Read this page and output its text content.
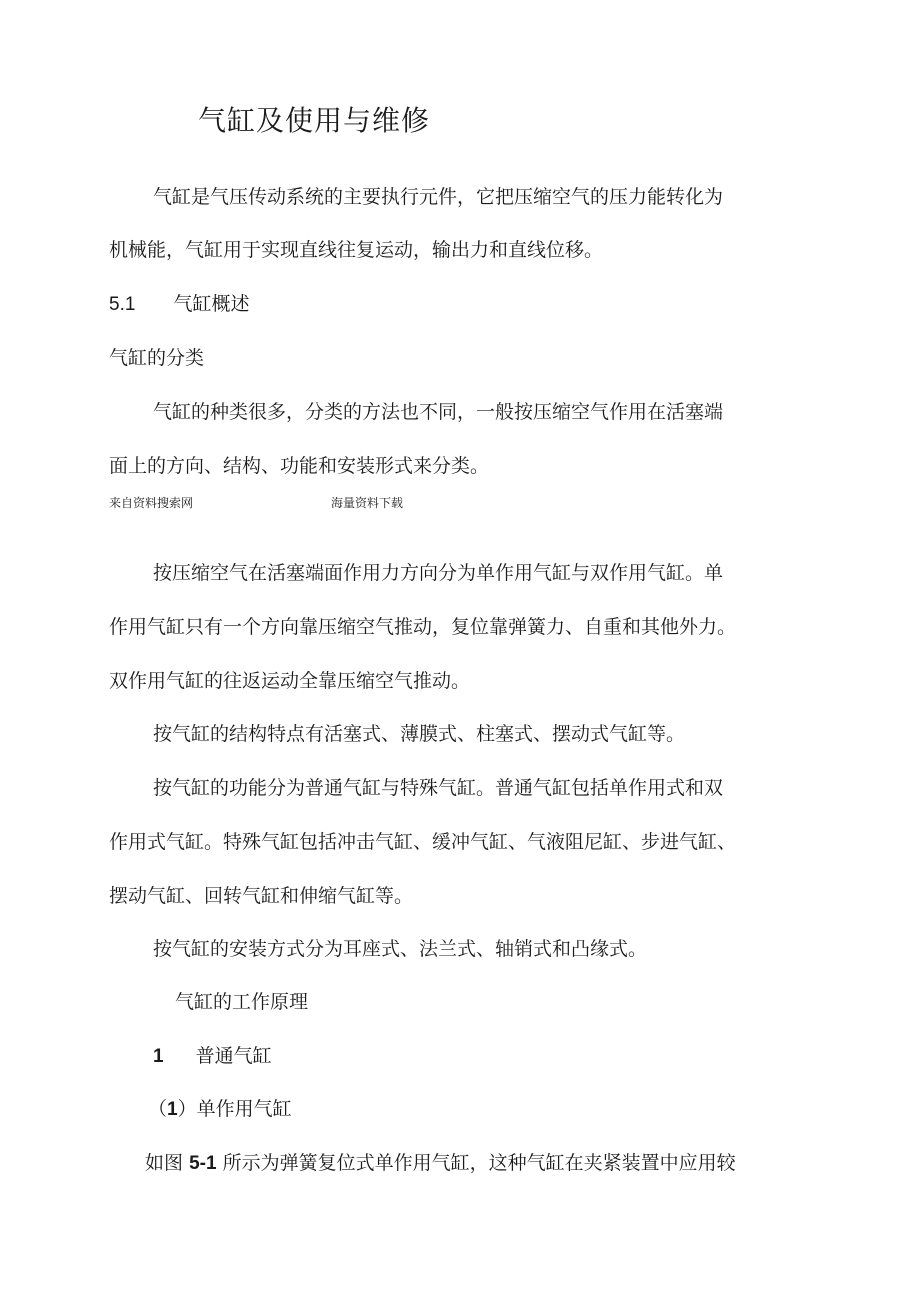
气缸及使用与维修
气缸是气压传动系统的主要执行元件，它把压缩空气的压力能转化为
机械能，气缸用于实现直线往复运动，输出力和直线位移。
5.1 气缸概述
气缸的分类
气缸的种类很多，分类的方法也不同，一般按压缩空气作用在活塞端
面上的方向、结构、功能和安装形式来分类。
来自资料搜索网	海量资料下载
按压缩空气在活塞端面作用力方向分为单作用气缸与双作用气缸。单
作用气缸只有一个方向靠压缩空气推动，复位靠弹簧力、自重和其他外力。
双作用气缸的往返运动全靠压缩空气推动。
按气缸的结构特点有活塞式、薄膜式、柱塞式、摆动式气缸等。
按气缸的功能分为普通气缸与特殊气缸。普通气缸包括单作用式和双
作用式气缸。特殊气缸包括冲击气缸、缓冲气缸、气液阻尼缸、步进气缸、
摆动气缸、回转气缸和伸缩气缸等。
按气缸的安装方式分为耳座式、法兰式、轴销式和凸缘式。
气缸的工作原理
1 普通气缸
（1）单作用气缸
如图 5-1 所示为弹簧复位式单作用气缸，这种气缸在夹紧装置中应用较
